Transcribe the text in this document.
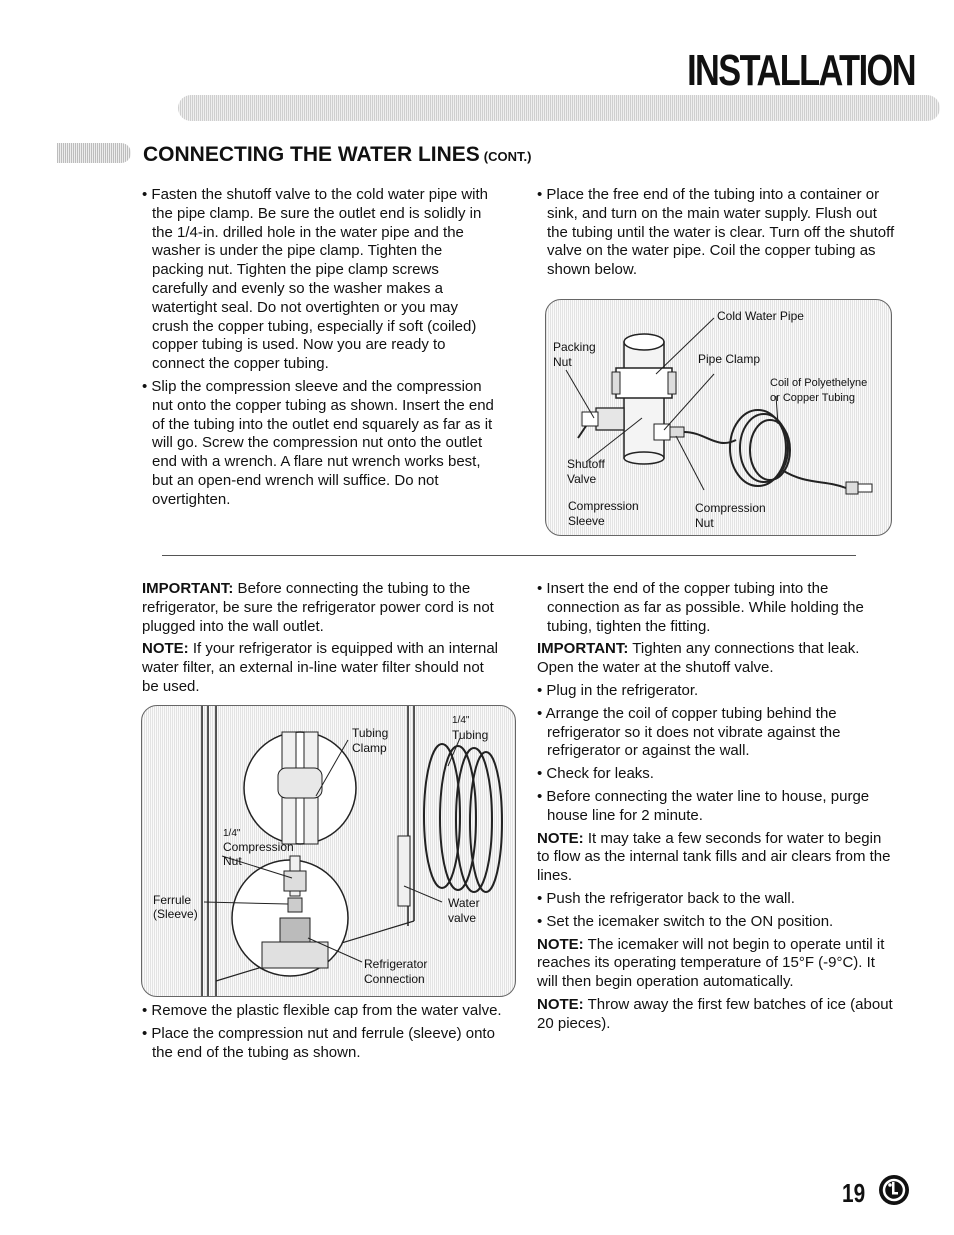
INSTALLATION
CONNECTING THE WATER LINES (CONT.)

• Fasten the shutoff valve to the cold water pipe with the pipe clamp. Be sure the outlet end is solidly in the 1/4-in. drilled hole in the water pipe and the washer is under the pipe clamp. Tighten the packing nut. Tighten the pipe clamp screws carefully and evenly so the washer makes a watertight seal. Do not overtighten or you may crush the copper tubing, especially if soft (coiled) copper tubing is used. Now you are ready to connect the copper tubing.

• Slip the compression sleeve and the compression nut onto the copper tubing as shown. Insert the end of the tubing into the outlet end squarely as far as it will go. Screw the compression nut onto the outlet end with a wrench. A flare nut wrench works best, but an open-end wrench will suffice. Do not overtighten.

• Place the free end of the tubing into a container or sink, and turn on the main water supply. Flush out the tubing until the water is clear. Turn off the shutoff valve on the water pipe. Coil the copper tubing as shown below.

Cold Water Pipe
Packing
Nut	Pipe Clamp
Coil of Polyethelyne
or Copper Tubing
Shutoff
Valve
Compression
Sleeve
Compression
Nut

IMPORTANT: Before connecting the tubing to the refrigerator, be sure the refrigerator power cord is not plugged into the wall outlet.

NOTE: If your refrigerator is equipped with an internal water filter, an external in-line water filter should not be used.

Tubing
Clamp
1/4"
Tubing
1/4"
Compression
Nut
Ferrule
(Sleeve)
Water
valve
Refrigerator
Connection

• Remove the plastic flexible cap from the water valve.

• Place the compression nut and ferrule (sleeve) onto the end of the tubing as shown.

• Insert the end of the copper tubing into the connection as far as possible. While holding the tubing, tighten the fitting.

IMPORTANT: Tighten any connections that leak. Open the water at the shutoff valve.

• Plug in the refrigerator.

• Arrange the coil of copper tubing behind the refrigerator so it does not vibrate against the refrigerator or against the wall.

• Check for leaks.

• Before connecting the water line to house, purge house line for 2 minute.

NOTE: It may take a few seconds for water to begin to flow as the internal tank fills and air clears from the lines.

• Push the refrigerator back to the wall.

• Set the icemaker switch to the ON position.

NOTE: The icemaker will not begin to operate until it reaches its operating temperature of 15°F (-9°C). It will then begin operation automatically.

NOTE: Throw away the first few batches of ice (about 20 pieces).

19
